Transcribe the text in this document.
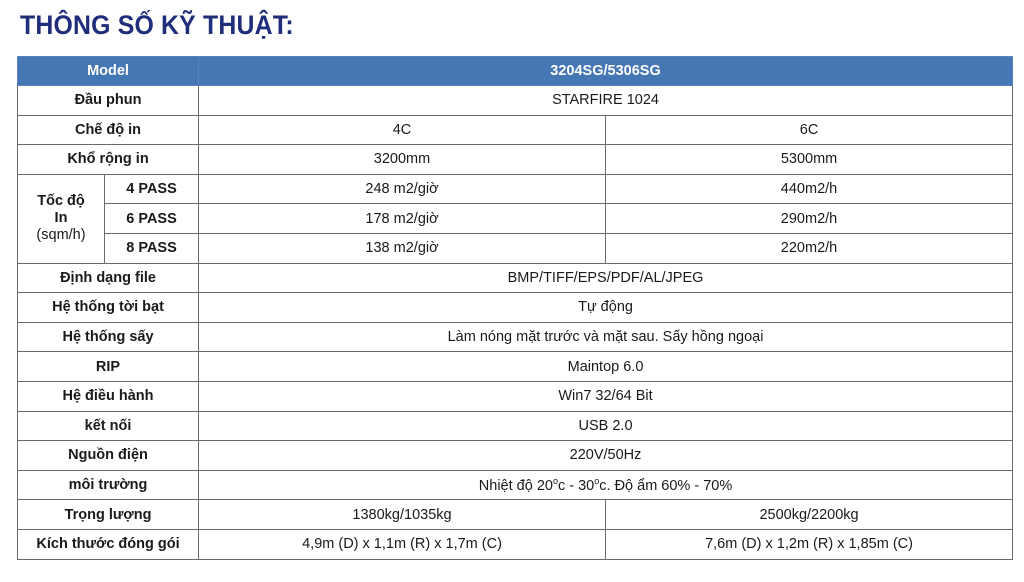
THÔNG SỐ KỸ THUẬT:
Model		3204SG/5306SG	
Đầu phun		STARFIRE 1024	
Chế độ in		4C	6C
Khổ rộng in		3200mm	5300mm

Tốc độ
In
(sqm/h)	4 PASS	248 m2/giờ	440m2/h
	6 PASS	178 m2/giờ	290m2/h
	8 PASS	138 m2/giờ	220m2/h
Định dạng file		BMP/TIFF/EPS/PDF/AL/JPEG	
Hệ thống tời bạt		Tự động	
Hệ thống sấy		Làm nóng mặt trước và mặt sau. Sấy hồng ngoại	
RIP		Maintop 6.0	
Hệ điều hành		Win7 32/64 Bit	
kết nối		USB 2.0	
Nguồn điện		220V/50Hz	
môi trường		Nhiệt độ 20$^o$c - 30$^o$c. Độ ẩm 60% - 70%	
Trọng lượng		1380kg/1035kg	2500kg/2200kg
Kích thước đóng gói		4,9m (D) x 1,1m (R) x 1,7m (C)	7,6m (D) x 1,2m (R) x 1,85m (C)
